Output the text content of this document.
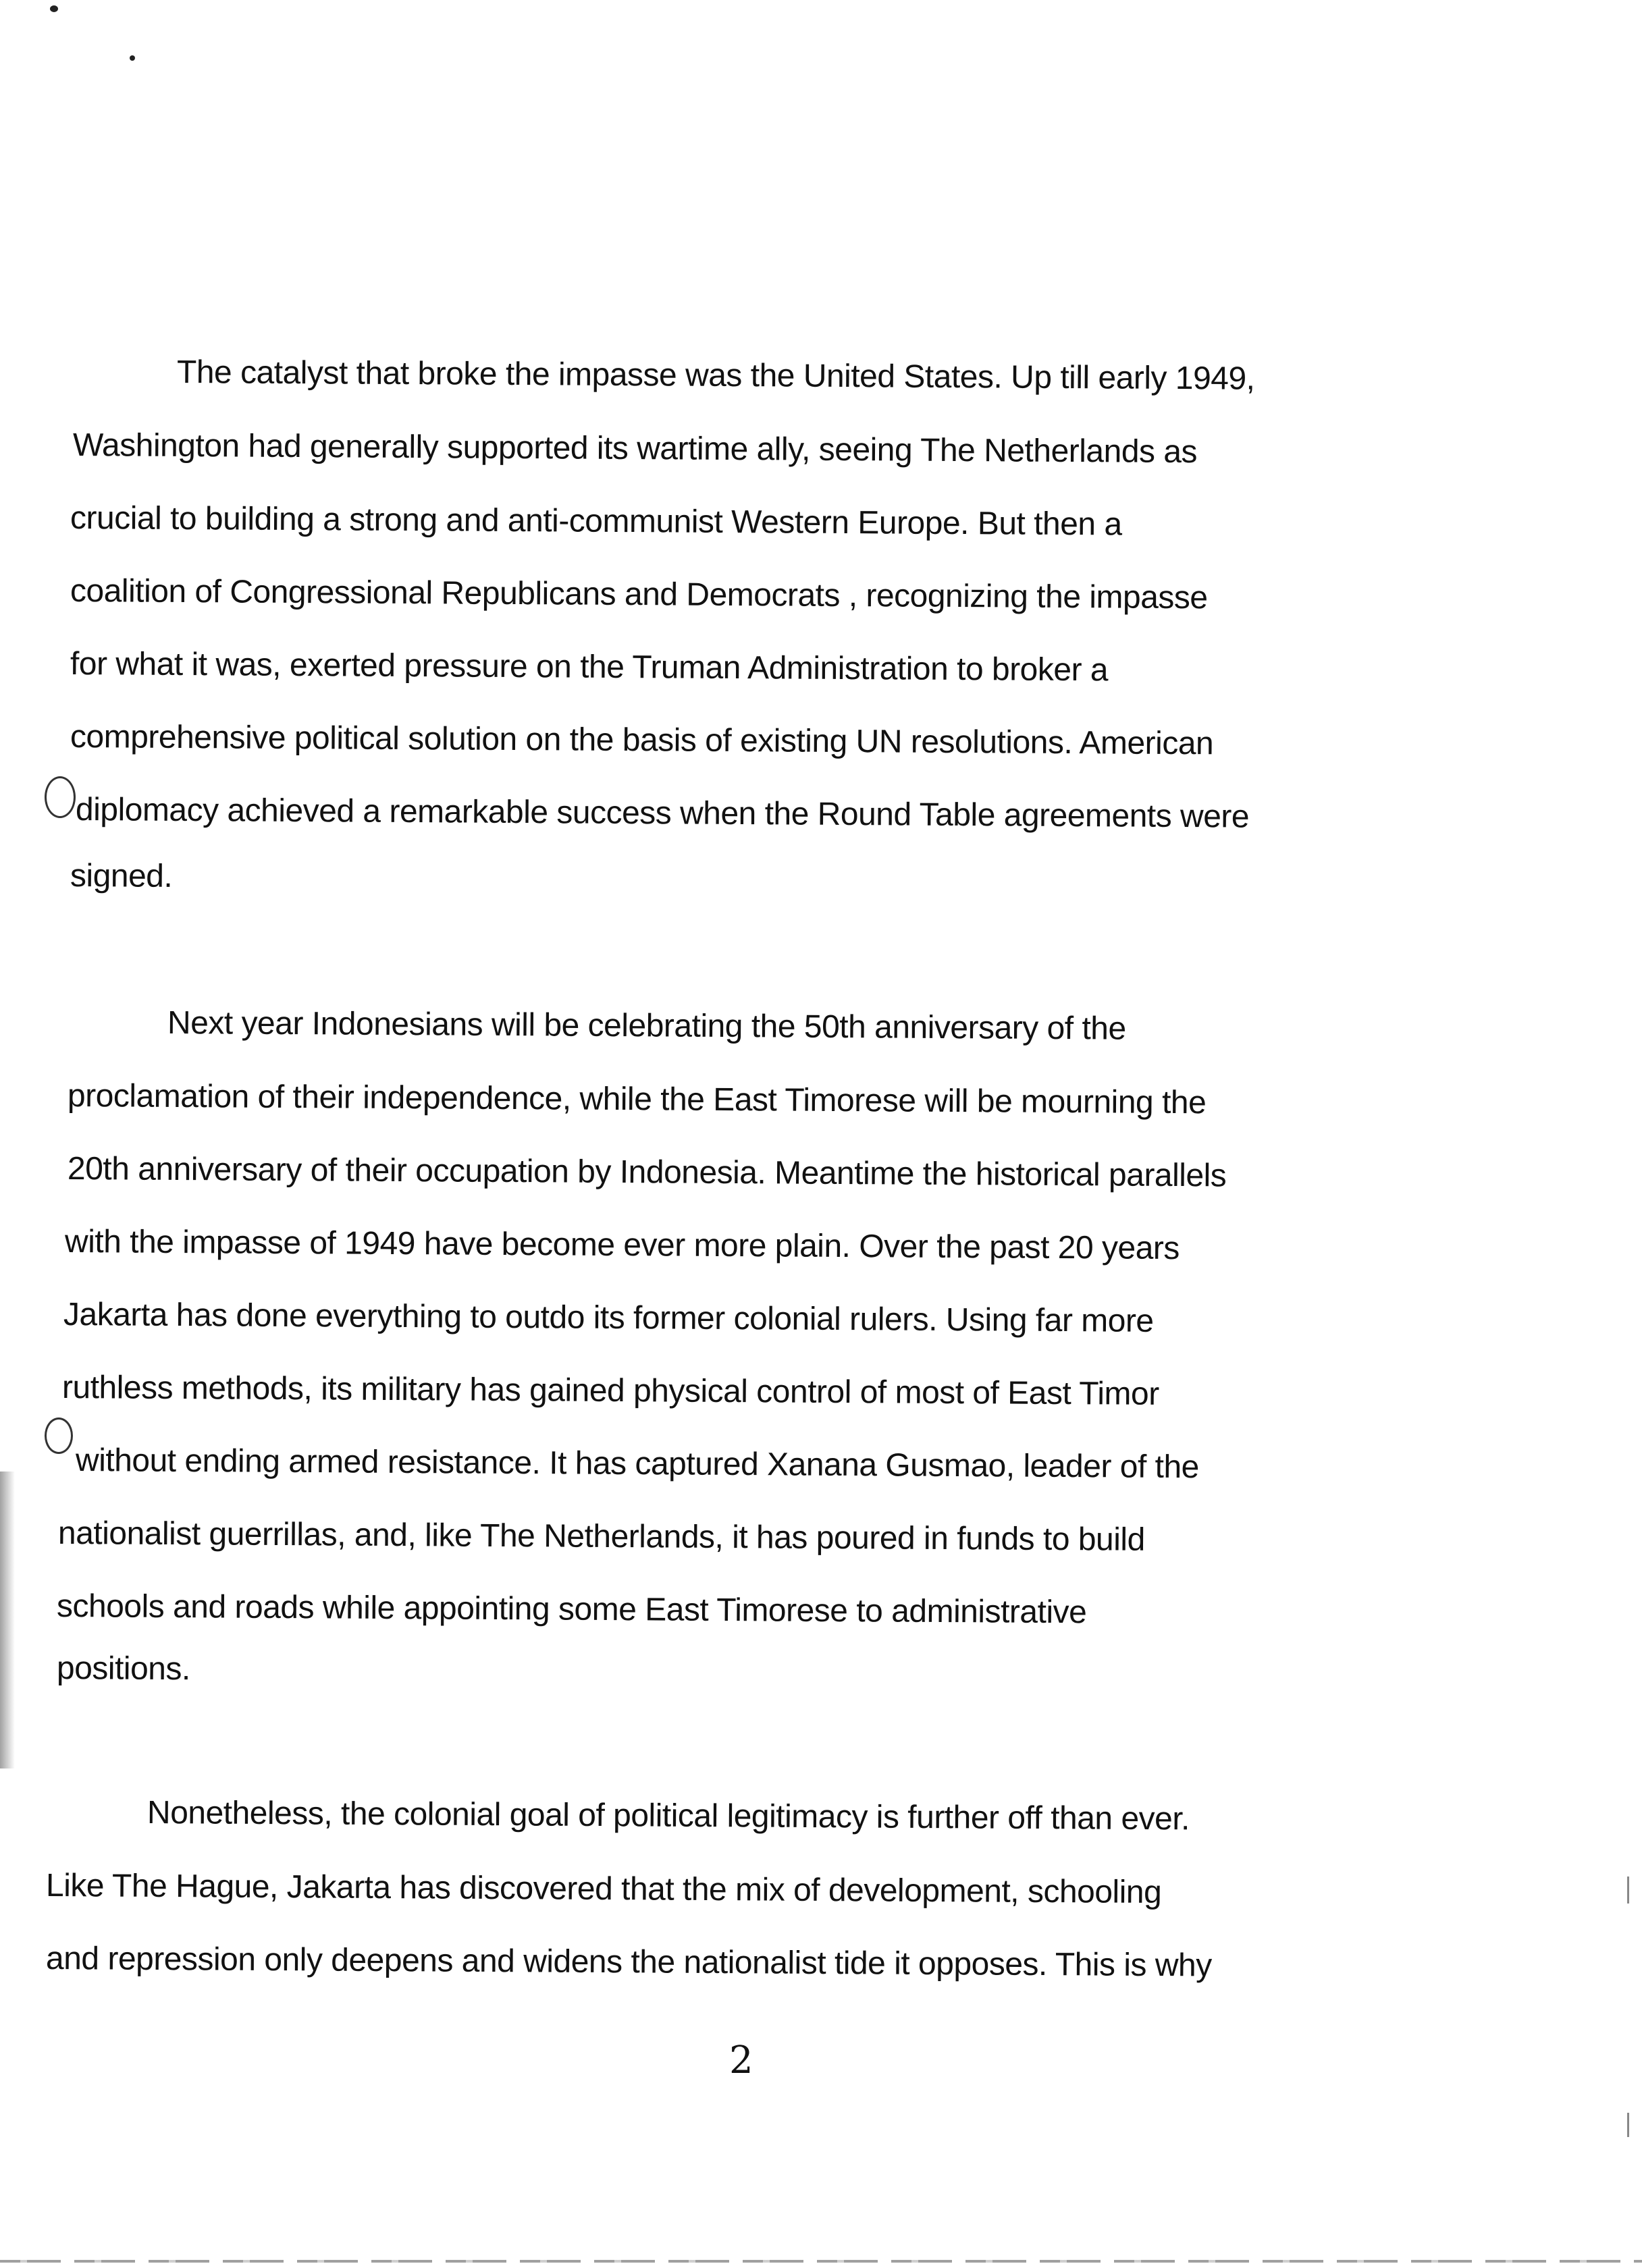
The catalyst that broke the impasse was the United States. Up till early 1949,
Washington had generally supported its wartime ally, seeing The Netherlands as
crucial to building a strong and anti-communist Western Europe. But then a
coalition of Congressional Republicans and Democrats , recognizing the impasse
for what it was, exerted pressure on the Truman Administration to broker a
comprehensive political solution on the basis of existing UN resolutions. American
diplomacy achieved a remarkable success when the Round Table agreements were
signed.
Next year Indonesians will be celebrating the 50th anniversary of the
proclamation of their independence, while the East Timorese will be mourning the
20th anniversary of their occupation by Indonesia. Meantime the historical parallels
with the impasse of 1949 have become ever more plain. Over the past 20 years
Jakarta has done everything to outdo its former colonial rulers. Using far more
ruthless methods, its military has gained physical control of most of East Timor
without ending armed resistance. It has captured Xanana Gusmao, leader of the
nationalist guerrillas, and, like The Netherlands, it has poured in funds to build
schools and roads while appointing some East Timorese to administrative
positions.
Nonetheless, the colonial goal of political legitimacy is further off than ever.
Like The Hague, Jakarta has discovered that the mix of development, schooling
and repression only deepens and widens the nationalist tide it opposes. This is why
2
